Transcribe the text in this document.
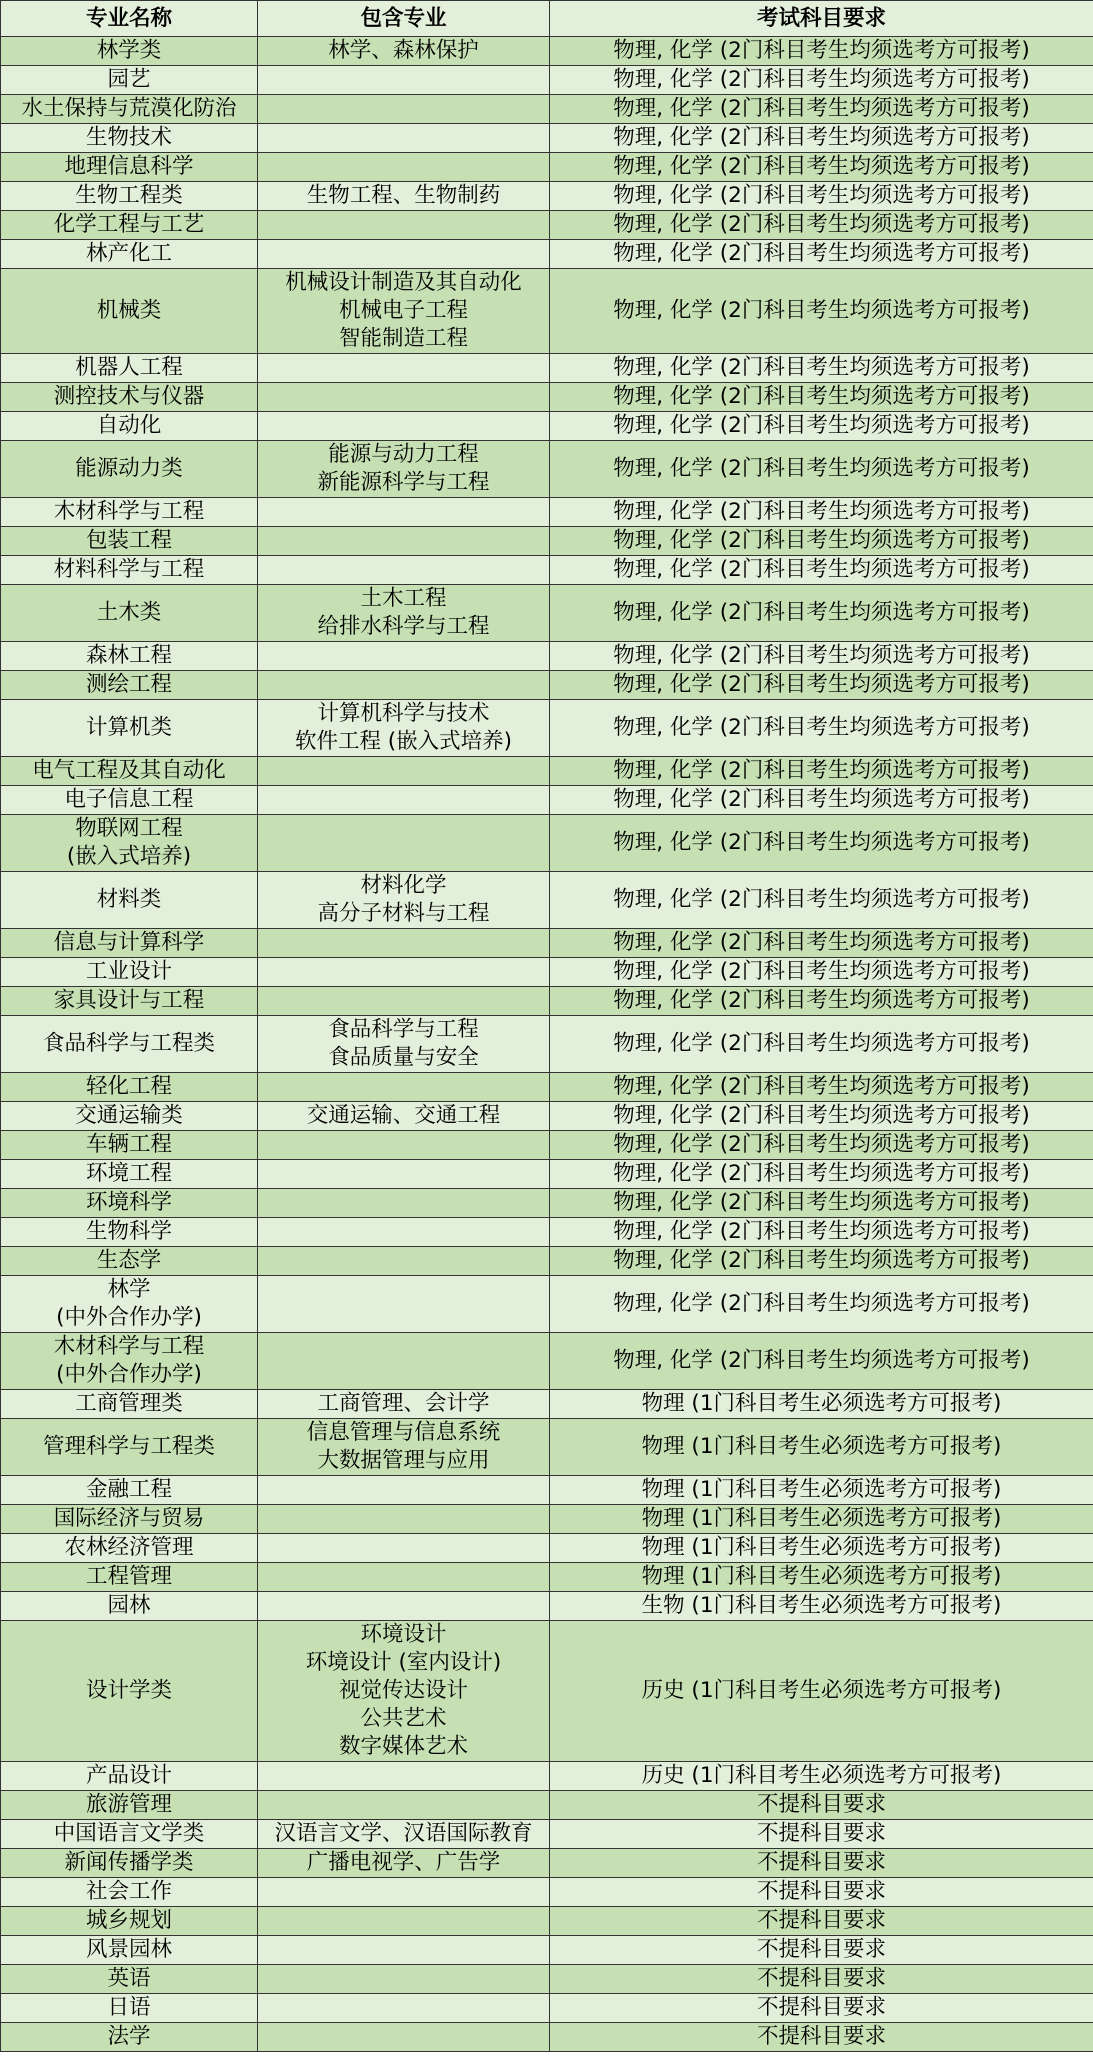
专业名称	包含专业	考试科目要求

林学类	林学、森林保护	物理, 化学 (2门科目考生均须选考方可报考)

园艺		物理, 化学 (2门科目考生均须选考方可报考)

水土保持与荒漠化防治		物理, 化学 (2门科目考生均须选考方可报考)

生物技术		物理, 化学 (2门科目考生均须选考方可报考)

地理信息科学		物理, 化学 (2门科目考生均须选考方可报考)

生物工程类	生物工程、生物制药	物理, 化学 (2门科目考生均须选考方可报考)

化学工程与工艺		物理, 化学 (2门科目考生均须选考方可报考)

林产化工		物理, 化学 (2门科目考生均须选考方可报考)

机械类	机械设计制造及其自动化
机械电子工程
智能制造工程	物理, 化学 (2门科目考生均须选考方可报考)

机器人工程		物理, 化学 (2门科目考生均须选考方可报考)

测控技术与仪器		物理, 化学 (2门科目考生均须选考方可报考)

自动化		物理, 化学 (2门科目考生均须选考方可报考)

能源动力类	能源与动力工程
新能源科学与工程	物理, 化学 (2门科目考生均须选考方可报考)

木材科学与工程		物理, 化学 (2门科目考生均须选考方可报考)

包装工程		物理, 化学 (2门科目考生均须选考方可报考)

材料科学与工程		物理, 化学 (2门科目考生均须选考方可报考)

土木类	土木工程
给排水科学与工程	物理, 化学 (2门科目考生均须选考方可报考)

森林工程		物理, 化学 (2门科目考生均须选考方可报考)

测绘工程		物理, 化学 (2门科目考生均须选考方可报考)

计算机类	计算机科学与技术
软件工程 (嵌入式培养)	物理, 化学 (2门科目考生均须选考方可报考)

电气工程及其自动化		物理, 化学 (2门科目考生均须选考方可报考)

电子信息工程		物理, 化学 (2门科目考生均须选考方可报考)

物联网工程
(嵌入式培养)		物理, 化学 (2门科目考生均须选考方可报考)

材料类	材料化学
高分子材料与工程	物理, 化学 (2门科目考生均须选考方可报考)

信息与计算科学		物理, 化学 (2门科目考生均须选考方可报考)

工业设计		物理, 化学 (2门科目考生均须选考方可报考)

家具设计与工程		物理, 化学 (2门科目考生均须选考方可报考)

食品科学与工程类	食品科学与工程
食品质量与安全	物理, 化学 (2门科目考生均须选考方可报考)

轻化工程		物理, 化学 (2门科目考生均须选考方可报考)

交通运输类	交通运输、交通工程	物理, 化学 (2门科目考生均须选考方可报考)

车辆工程		物理, 化学 (2门科目考生均须选考方可报考)

环境工程		物理, 化学 (2门科目考生均须选考方可报考)

环境科学		物理, 化学 (2门科目考生均须选考方可报考)

生物科学		物理, 化学 (2门科目考生均须选考方可报考)

生态学		物理, 化学 (2门科目考生均须选考方可报考)

林学
(中外合作办学)		物理, 化学 (2门科目考生均须选考方可报考)

木材科学与工程
(中外合作办学)		物理, 化学 (2门科目考生均须选考方可报考)

工商管理类	工商管理、会计学	物理 (1门科目考生必须选考方可报考)

管理科学与工程类	信息管理与信息系统
大数据管理与应用	物理 (1门科目考生必须选考方可报考)

金融工程		物理 (1门科目考生必须选考方可报考)

国际经济与贸易		物理 (1门科目考生必须选考方可报考)

农林经济管理		物理 (1门科目考生必须选考方可报考)

工程管理		物理 (1门科目考生必须选考方可报考)

园林		生物 (1门科目考生必须选考方可报考)

设计学类	环境设计
环境设计 (室内设计)
视觉传达设计
公共艺术
数字媒体艺术	历史 (1门科目考生必须选考方可报考)

产品设计		历史 (1门科目考生必须选考方可报考)

旅游管理		不提科目要求

中国语言文学类	汉语言文学、汉语国际教育	不提科目要求

新闻传播学类	广播电视学、广告学	不提科目要求

社会工作		不提科目要求

城乡规划		不提科目要求

风景园林		不提科目要求

英语		不提科目要求

日语		不提科目要求

法学		不提科目要求
